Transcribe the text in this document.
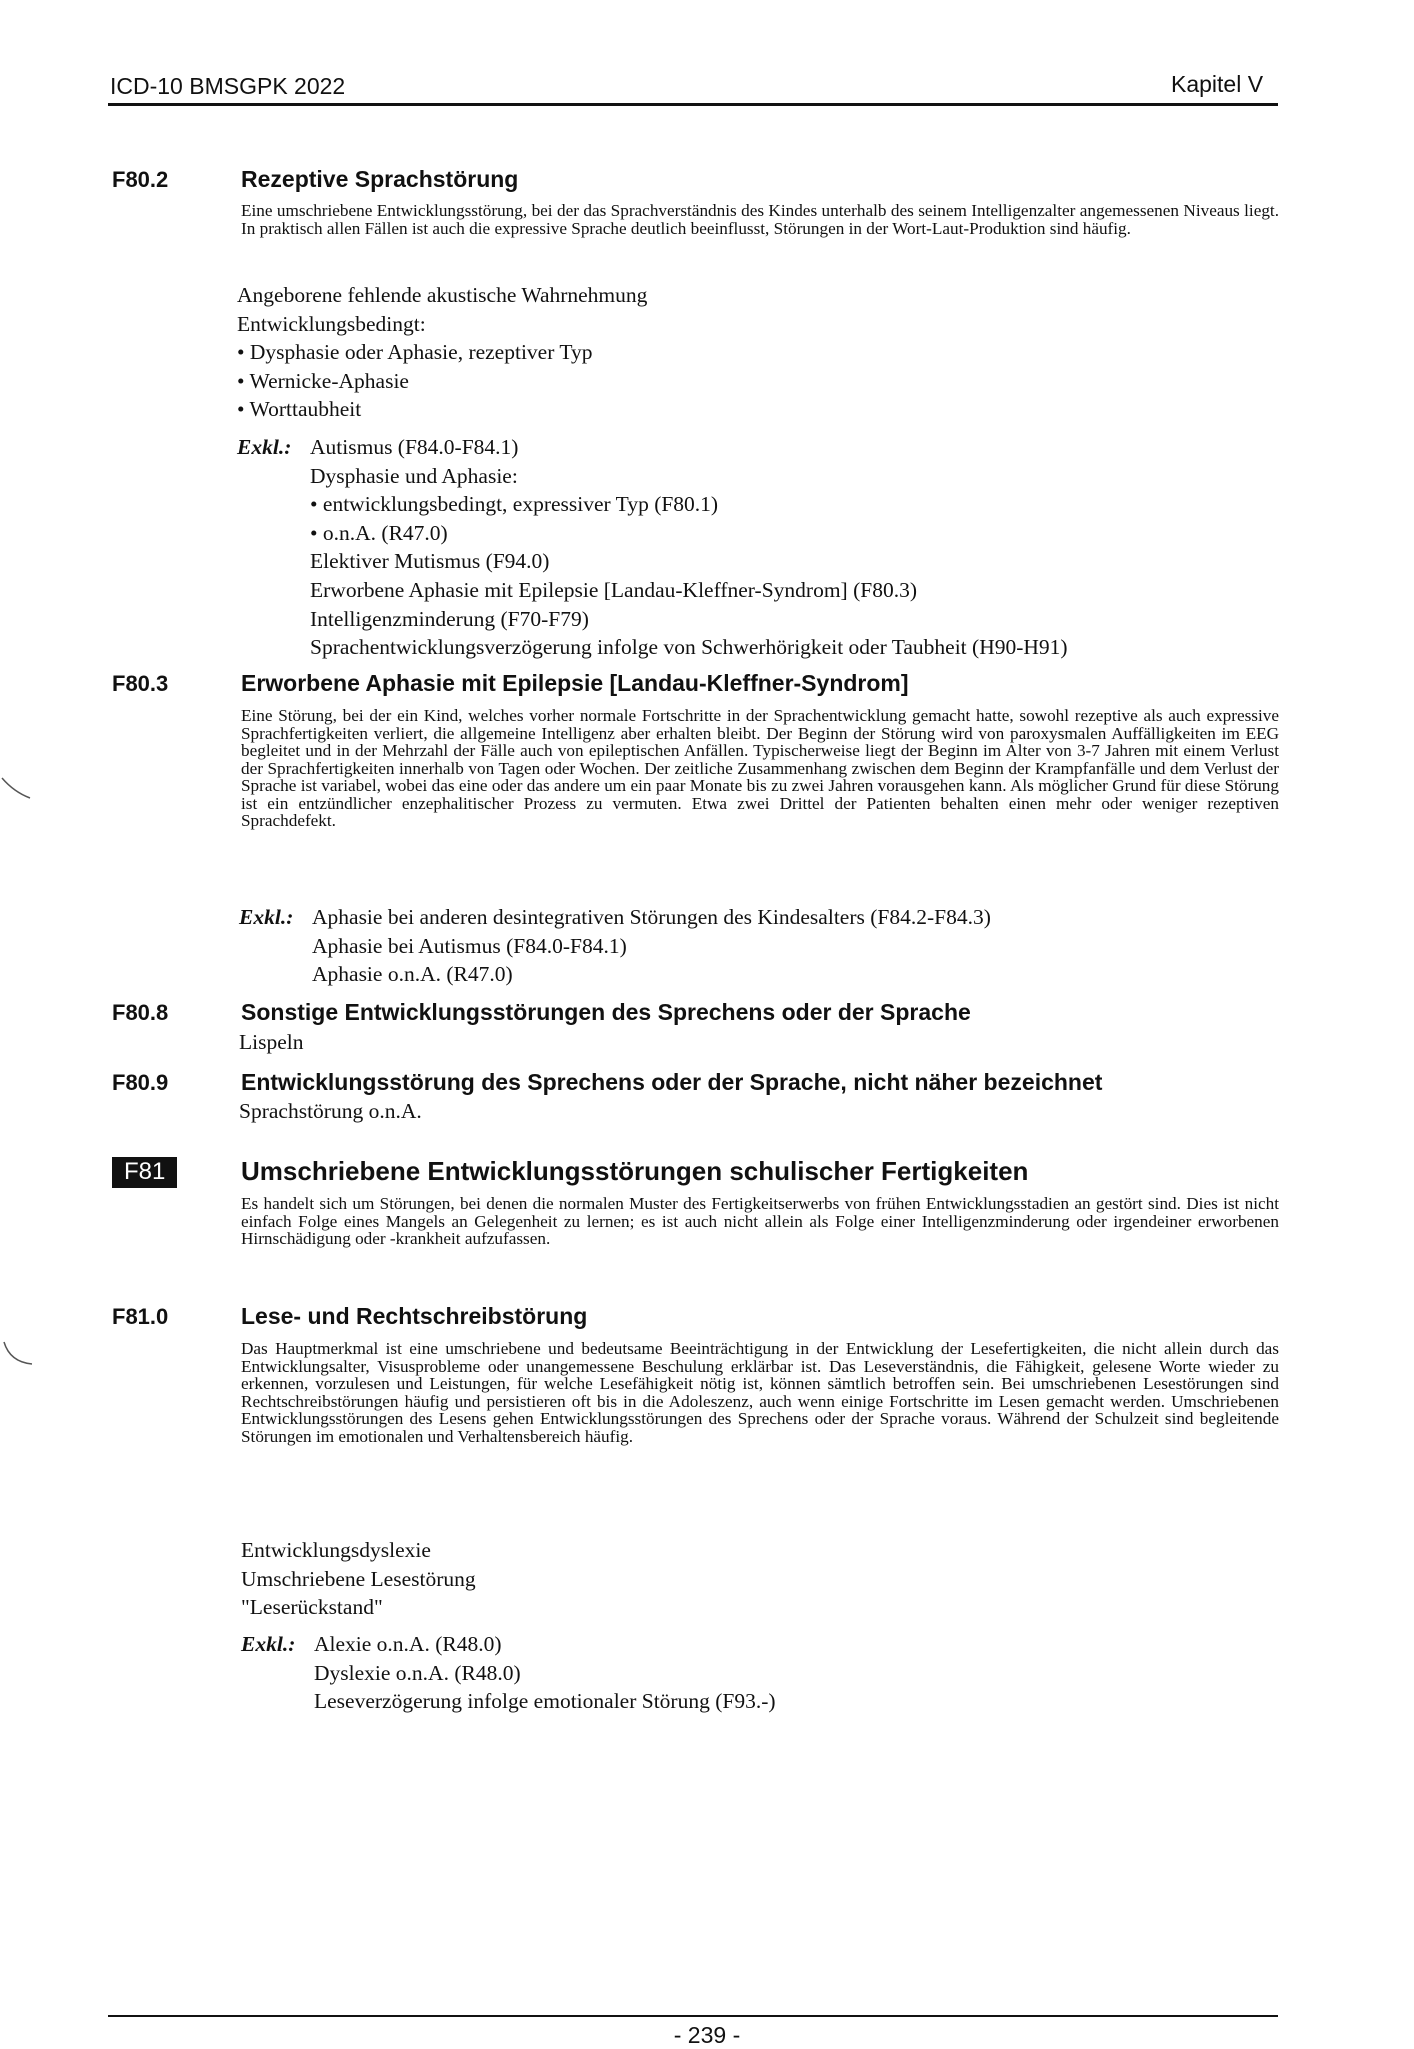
ICD-10 BMSGPK 2022	Kapitel V
F80.2	Rezeptive Sprachstörung

Eine umschriebene Entwicklungsstörung, bei der das Sprachverständnis des Kindes unterhalb des seinem Intelligenzalter angemessenen Niveaus liegt. In praktisch allen Fällen ist auch die expressive Sprache deutlich beeinflusst, Störungen in der Wort-Laut-Produktion sind häufig.

Angeborene fehlende akustische Wahrnehmung
Entwicklungsbedingt:
• Dysphasie oder Aphasie, rezeptiver Typ
• Wernicke-Aphasie
• Worttaubheit
Exkl.: Autismus (F84.0-F84.1)
Dysphasie und Aphasie:
• entwicklungsbedingt, expressiver Typ (F80.1)
• o.n.A. (R47.0)
Elektiver Mutismus (F94.0)
Erworbene Aphasie mit Epilepsie [Landau-Kleffner-Syndrom] (F80.3)
Intelligenzminderung (F70-F79)
Sprachentwicklungsverzögerung infolge von Schwerhörigkeit oder Taubheit (H90-H91)
F80.3	Erworbene Aphasie mit Epilepsie [Landau-Kleffner-Syndrom]

Eine Störung, bei der ein Kind, welches vorher normale Fortschritte in der Sprachentwicklung gemacht hatte, sowohl rezeptive als auch expressive Sprachfertigkeiten verliert, die allgemeine Intelligenz aber erhalten bleibt. Der Beginn der Störung wird von paroxysmalen Auffälligkeiten im EEG begleitet und in der Mehrzahl der Fälle auch von epileptischen Anfällen. Typischerweise liegt der Beginn im Alter von 3-7 Jahren mit einem Verlust der Sprachfertigkeiten innerhalb von Tagen oder Wochen. Der zeitliche Zusammenhang zwischen dem Beginn der Krampfanfälle und dem Verlust der Sprache ist variabel, wobei das eine oder das andere um ein paar Monate bis zu zwei Jahren vorausgehen kann. Als möglicher Grund für diese Störung ist ein entzündlicher enzephalitischer Prozess zu vermuten. Etwa zwei Drittel der Patienten behalten einen mehr oder weniger rezeptiven Sprachdefekt.

Exkl.: Aphasie bei anderen desintegrativen Störungen des Kindesalters (F84.2-F84.3)
Aphasie bei Autismus (F84.0-F84.1)
Aphasie o.n.A. (R47.0)
F80.8	Sonstige Entwicklungsstörungen des Sprechens oder der Sprache
Lispeln
F80.9	Entwicklungsstörung des Sprechens oder der Sprache, nicht näher bezeichnet
Sprachstörung o.n.A.
F81	Umschriebene Entwicklungsstörungen schulischer Fertigkeiten

Es handelt sich um Störungen, bei denen die normalen Muster des Fertigkeitserwerbs von frühen Entwicklungsstadien an gestört sind. Dies ist nicht einfach Folge eines Mangels an Gelegenheit zu lernen; es ist auch nicht allein als Folge einer Intelligenzminderung oder irgendeiner erworbenen Hirnschädigung oder -krankheit aufzufassen.

F81.0	Lese- und Rechtschreibstörung

Das Hauptmerkmal ist eine umschriebene und bedeutsame Beeinträchtigung in der Entwicklung der Lesefertigkeiten, die nicht allein durch das Entwicklungsalter, Visusprobleme oder unangemessene Beschulung erklärbar ist. Das Leseverständnis, die Fähigkeit, gelesene Worte wieder zu erkennen, vorzulesen und Leistungen, für welche Lesefähigkeit nötig ist, können sämtlich betroffen sein. Bei umschriebenen Lesestörungen sind Rechtschreibstörungen häufig und persistieren oft bis in die Adoleszenz, auch wenn einige Fortschritte im Lesen gemacht werden. Umschriebenen Entwicklungsstörungen des Lesens gehen Entwicklungsstörungen des Sprechens oder der Sprache voraus. Während der Schulzeit sind begleitende Störungen im emotionalen und Verhaltensbereich häufig.

Entwicklungsdyslexie
Umschriebene Lesestörung
"Leserückstand"
Exkl.: Alexie o.n.A. (R48.0)
Dyslexie o.n.A. (R48.0)
Leseverzögerung infolge emotionaler Störung (F93.-)
- 239 -
